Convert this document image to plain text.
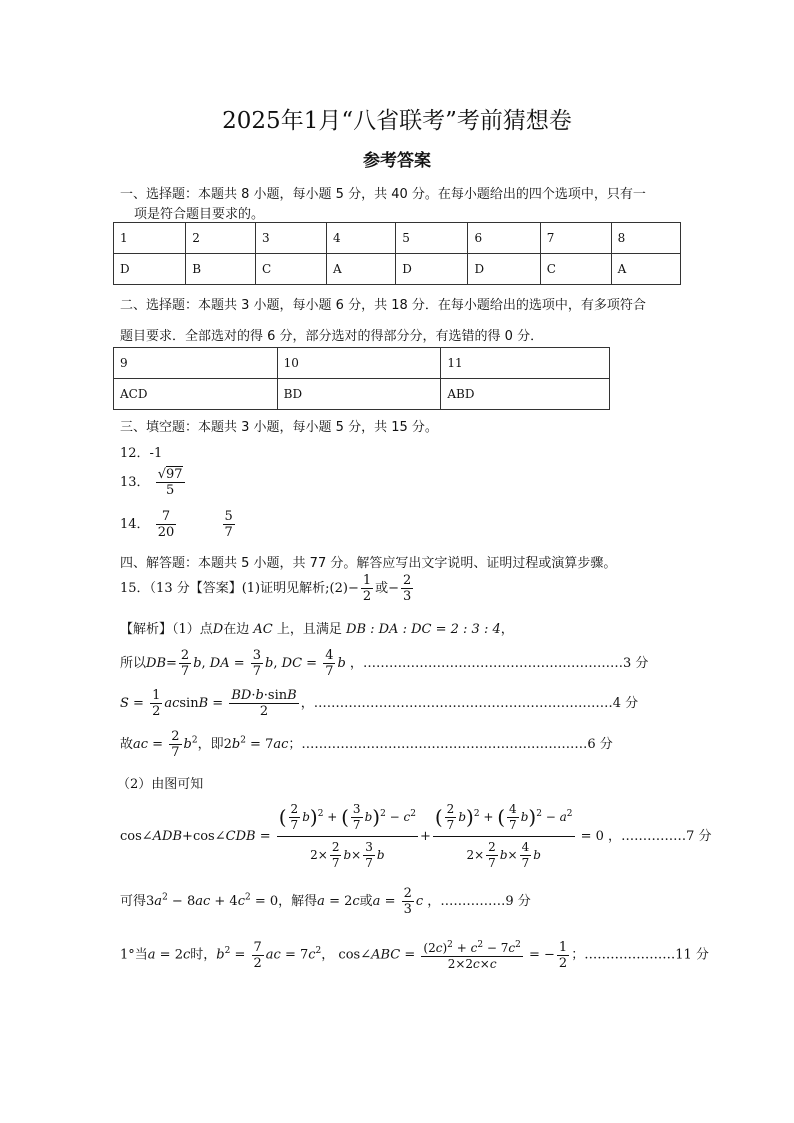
2025年1月“八省联考”考前猜想卷
参考答案
一、选择题：本题共 8 小题，每小题 5 分，共 40 分。在每小题给出的四个选项中，只有一
项是符合题目要求的。
1	2	3	4	5	6	7	8
D	B	C	A	D	D	C	A
二、选择题：本题共 3 小题，每小题 6 分，共 18 分．在每小题给出的选项中，有多项符合
题目要求．全部选对的得 6 分，部分选对的得部分分，有选错的得 0 分．
9	10	11
ACD	BD	ABD
三、填空题：本题共 3 小题，每小题 5 分，共 15 分。
12．-1
13． $\frac{√97}{5}$
14． $\frac{7}{20}$
	$\frac{5}{7}$
四、解答题：本题共 5 小题，共 77 分。解答应写出文字说明、证明过程或演算步骤。
15．（13 分【答案】(1)证明见解析;(2)− $\frac{1}{2}$ 或− $\frac{2}{3}$
【解析】（1）点D在边 AC 上，且满足 DB : DA : DC = 2 : 3 : 4，
所以$DB= \frac{2}{7} b$, DA = $\frac{3}{7} b$, DC = $\frac{4}{7}$ b ，……………………………………………………3 分
$S = \frac{1}{2}$ $acsinB = \frac{BD\cdot b\cdot\sin B}{2}$ ，……………………………………………………………4 分
故ac = $\frac{2}{7} b^2$，即$2b^2 = 7ac$；…………………………………………………………6 分
（2）由图可知
cos∠ADB+cos∠CDB = $\frac{( \frac{2}{7} b)^2 + ( \frac{3}{7} b)^2 - c^2}{2\times \frac{2}{7} b\times \frac{3}{7} b} + \frac{( \frac{2}{7} b)^2 + ( \frac{4}{7} b)^2 - a^2}{2\times \frac{2}{7} b\times \frac{4}{7} b} = 0$ ，……………7 分
可得$3a^2 - 8ac + 4c^2 = 0$，解得a = 2c或$a = \frac{2}{3}$ c ，……………9 分
1°当a = 2c时，$b^2 = \frac{7}{2}$ ac = $7c^2$， cos∠ABC = $\frac{(2c)^2 + c^2 - 7c^2}{2\times 2c\times c}$ = − $\frac{1}{2}$ ；…………………11 分
